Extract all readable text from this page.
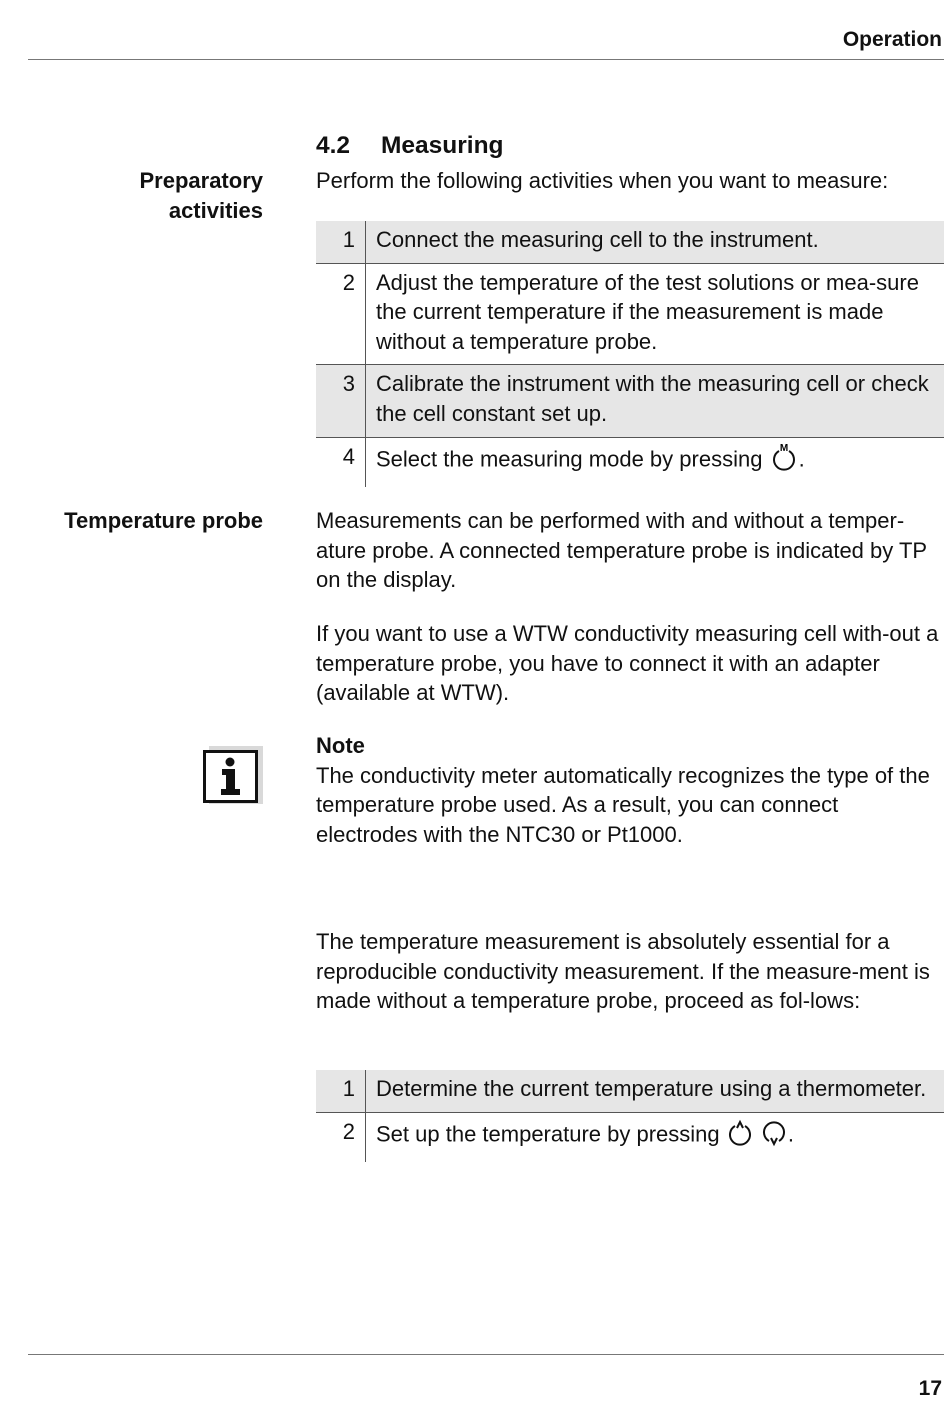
Operation
4.2 Measuring
Preparatory
activities

Perform the following activities when you want to measure:

1	Connect the measuring cell to the instrument.
2	Adjust the temperature of the test solutions or mea-sure the current temperature if the measurement is made without a temperature probe.
3	Calibrate the instrument with the measuring cell or check the cell constant set up.
4	Select the measuring mode by pressing M .
Temperature probe Measurements can be performed with and without a temper-ature probe. A connected temperature probe is indicated by TP on the display.

If you want to use a WTW conductivity measuring cell with-out a temperature probe, you have to connect it with an adapter (available at WTW).

Note

The conductivity meter automatically recognizes the type of the temperature probe used. As a result, you can connect electrodes with the NTC30 or Pt1000.

The temperature measurement is absolutely essential for a reproducible conductivity measurement. If the measure-ment is made without a temperature probe, proceed as fol-lows:

1	Determine the current temperature using a thermometer.
2	Set up the temperature by pressing .
17
